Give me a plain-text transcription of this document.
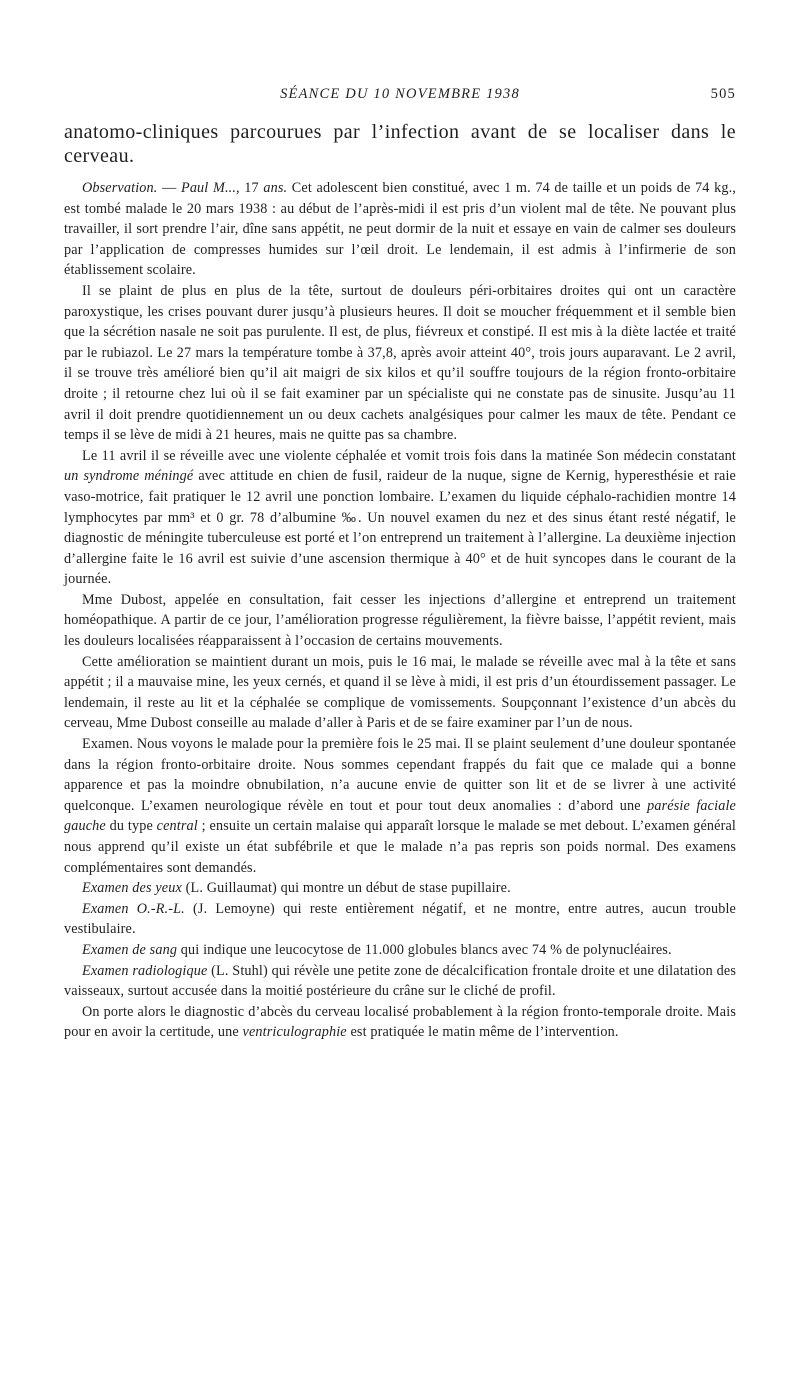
SÉANCE DU 10 NOVEMBRE 1938	505

anatomo-cliniques parcourues par l’infection avant de se localiser dans le cerveau.

Observation. — Paul M..., 17 ans. Cet adolescent bien constitué, avec 1 m. 74 de taille et un poids de 74 kg., est tombé malade le 20 mars 1938 : au début de l’après-midi il est pris d’un violent mal de tête. Ne pouvant plus travailler, il sort prendre l’air, dîne sans appétit, ne peut dormir de la nuit et essaye en vain de calmer ses douleurs par l’application de compresses humides sur l’œil droit. Le lendemain, il est admis à l’infirmerie de son établissement scolaire.

Il se plaint de plus en plus de la tête, surtout de douleurs péri-orbitaires droites qui ont un caractère paroxystique, les crises pouvant durer jusqu’à plusieurs heures. Il doit se moucher fréquemment et il semble bien que la sécrétion nasale ne soit pas purulente. Il est, de plus, fiévreux et constipé. Il est mis à la diète lactée et traité par le rubiazol. Le 27 mars la température tombe à 37,8, après avoir atteint 40°, trois jours auparavant. Le 2 avril, il se trouve très amélioré bien qu’il ait maigri de six kilos et qu’il souffre toujours de la région fronto-orbitaire droite ; il retourne chez lui où il se fait examiner par un spécialiste qui ne constate pas de sinusite. Jusqu’au 11 avril il doit prendre quotidiennement un ou deux cachets analgésiques pour calmer les maux de tête. Pendant ce temps il se lève de midi à 21 heures, mais ne quitte pas sa chambre.

Le 11 avril il se réveille avec une violente céphalée et vomit trois fois dans la matinée Son médecin constatant un syndrome méningé avec attitude en chien de fusil, raideur de la nuque, signe de Kernig, hyperesthésie et raie vaso-motrice, fait pratiquer le 12 avril une ponction lombaire. L’examen du liquide céphalo-rachidien montre 14 lymphocytes par mm³ et 0 gr. 78 d’albumine ‰. Un nouvel examen du nez et des sinus étant resté négatif, le diagnostic de méningite tuberculeuse est porté et l’on entreprend un traitement à l’allergine. La deuxième injection d’allergine faite le 16 avril est suivie d’une ascension thermique à 40° et de huit syncopes dans le courant de la journée.

Mme Dubost, appelée en consultation, fait cesser les injections d’allergine et entreprend un traitement homéopathique. A partir de ce jour, l’amélioration progresse régulièrement, la fièvre baisse, l’appétit revient, mais les douleurs localisées réapparaissent à l’occasion de certains mouvements.

Cette amélioration se maintient durant un mois, puis le 16 mai, le malade se réveille avec mal à la tête et sans appétit ; il a mauvaise mine, les yeux cernés, et quand il se lève à midi, il est pris d’un étourdissement passager. Le lendemain, il reste au lit et la céphalée se complique de vomissements. Soupçonnant l’existence d’un abcès du cerveau, Mme Dubost conseille au malade d’aller à Paris et de se faire examiner par l’un de nous.

Examen. Nous voyons le malade pour la première fois le 25 mai. Il se plaint seulement d’une douleur spontanée dans la région fronto-orbitaire droite. Nous sommes cependant frappés du fait que ce malade qui a bonne apparence et pas la moindre obnubilation, n’a aucune envie de quitter son lit et de se livrer à une activité quelconque. L’examen neurologique révèle en tout et pour tout deux anomalies : d’abord une parésie faciale gauche du type central ; ensuite un certain malaise qui apparaît lorsque le malade se met debout. L’examen général nous apprend qu’il existe un état subfébrile et que le malade n’a pas repris son poids normal. Des examens complémentaires sont demandés.

Examen des yeux (L. Guillaumat) qui montre un début de stase pupillaire.

Examen O.-R.-L. (J. Lemoyne) qui reste entièrement négatif, et ne montre, entre autres, aucun trouble vestibulaire.

Examen de sang qui indique une leucocytose de 11.000 globules blancs avec 74 % de polynucléaires.

Examen radiologique (L. Stuhl) qui révèle une petite zone de décalcification frontale droite et une dilatation des vaisseaux, surtout accusée dans la moitié postérieure du crâne sur le cliché de profil.

On porte alors le diagnostic d’abcès du cerveau localisé probablement à la région fronto-temporale droite. Mais pour en avoir la certitude, une ventriculographie est pratiquée le matin même de l’intervention.
